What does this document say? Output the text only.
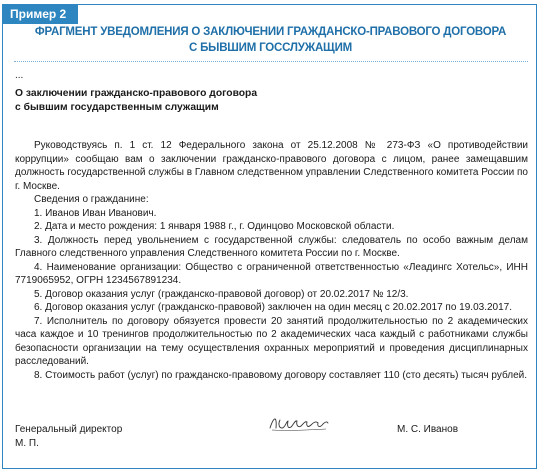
Пример 2
ФРАГМЕНТ УВЕДОМЛЕНИЯ О ЗАКЛЮЧЕНИИ ГРАЖДАНСКО-ПРАВОВОГО ДОГОВОРА
С БЫВШИМ ГОССЛУЖАЩИМ
...
О заключении гражданско-правового договора
с бывшим государственным служащим

Руководствуясь п. 1 ст. 12 Федерального закона от 25.12.2008 № 273-ФЗ «О противодействии коррупции» сообщаю вам о заключении гражданско-правового договора с лицом, ранее замещавшим должность государственной службы в Главном следственном управлении Следственного комитета России по г. Москве.

Сведения о гражданине:

1. Иванов Иван Иванович.

2. Дата и место рождения: 1 января 1988 г., г. Одинцово Московской области.

3. Должность перед увольнением с государственной службы: следователь по особо важным делам Главного следственного управления Следственного комитета России по г. Москве.

4. Наименование организации: Общество с ограниченной ответственностью «Леадингс Хотельс», ИНН 7719065952, ОГРН 1234567891234.

5. Договор оказания услуг (гражданско-правовой договор) от 20.02.2017 № 12/3.

6. Договор оказания услуг (гражданско-правовой) заключен на один месяц с 20.02.2017 по 19.03.2017.

7. Исполнитель по договору обязуется провести 20 занятий продолжительностью по 2 академических часа каждое и 10 тренингов продолжительностью по 2 академических часа каждый с работниками службы безопасности организации на тему осуществления охранных мероприятий и проведения дисциплинарных расследований.

8. Стоимость работ (услуг) по гражданско-правовому договору составляет 110 (сто десять) тысяч рублей.

Генеральный директор
М. П.
М. С. Иванов
